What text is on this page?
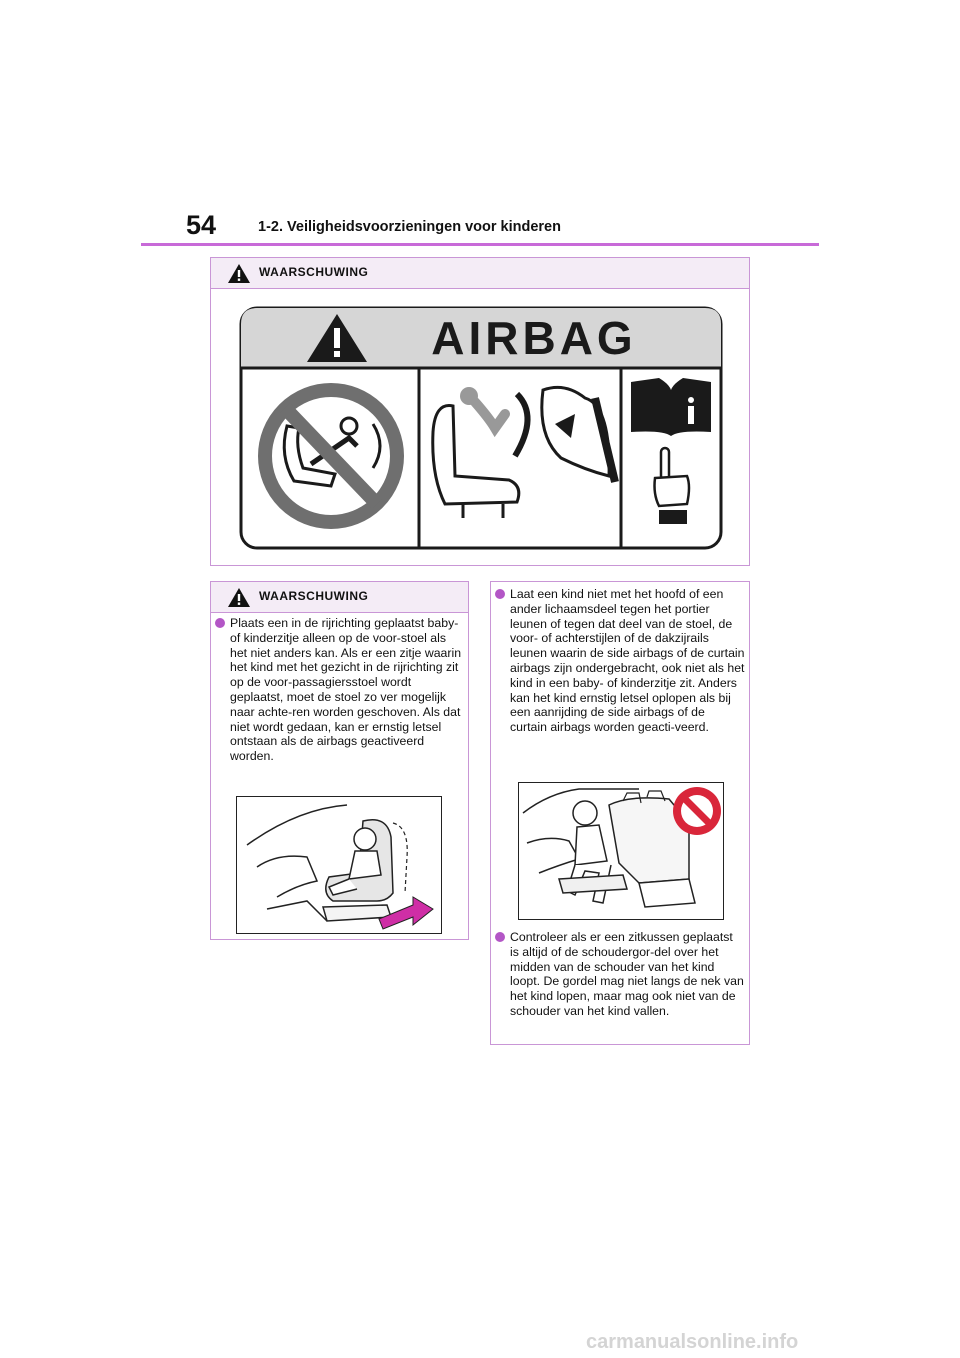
54	1-2. Veiligheidsvoorzieningen voor kinderen
WAARSCHUWING
AIRBAG
WAARSCHUWING
Plaats een in de rijrichting geplaatst baby- of kinderzitje alleen op de voor-stoel als het niet anders kan. Als er een zitje waarin het kind met het gezicht in de rijrichting zit op de voor-passagiersstoel wordt geplaatst, moet de stoel zo ver mogelijk naar achte-ren worden geschoven. Als dat niet wordt gedaan, kan er ernstig letsel ontstaan als de airbags geactiveerd worden.
Laat een kind niet met het hoofd of een ander lichaamsdeel tegen het portier leunen of tegen dat deel van de stoel, de voor- of achterstijlen of de dakzijrails leunen waarin de side airbags of de curtain airbags zijn ondergebracht, ook niet als het kind in een baby- of kinderzitje zit. Anders kan het kind ernstig letsel oplopen als bij een aanrijding de side airbags of de curtain airbags worden geacti-veerd.
Controleer als er een zitkussen geplaatst is altijd of de schoudergor-del over het midden van de schouder van het kind loopt. De gordel mag niet langs de nek van het kind lopen, maar mag ook niet van de schouder van het kind vallen.
carmanualsonline.info
